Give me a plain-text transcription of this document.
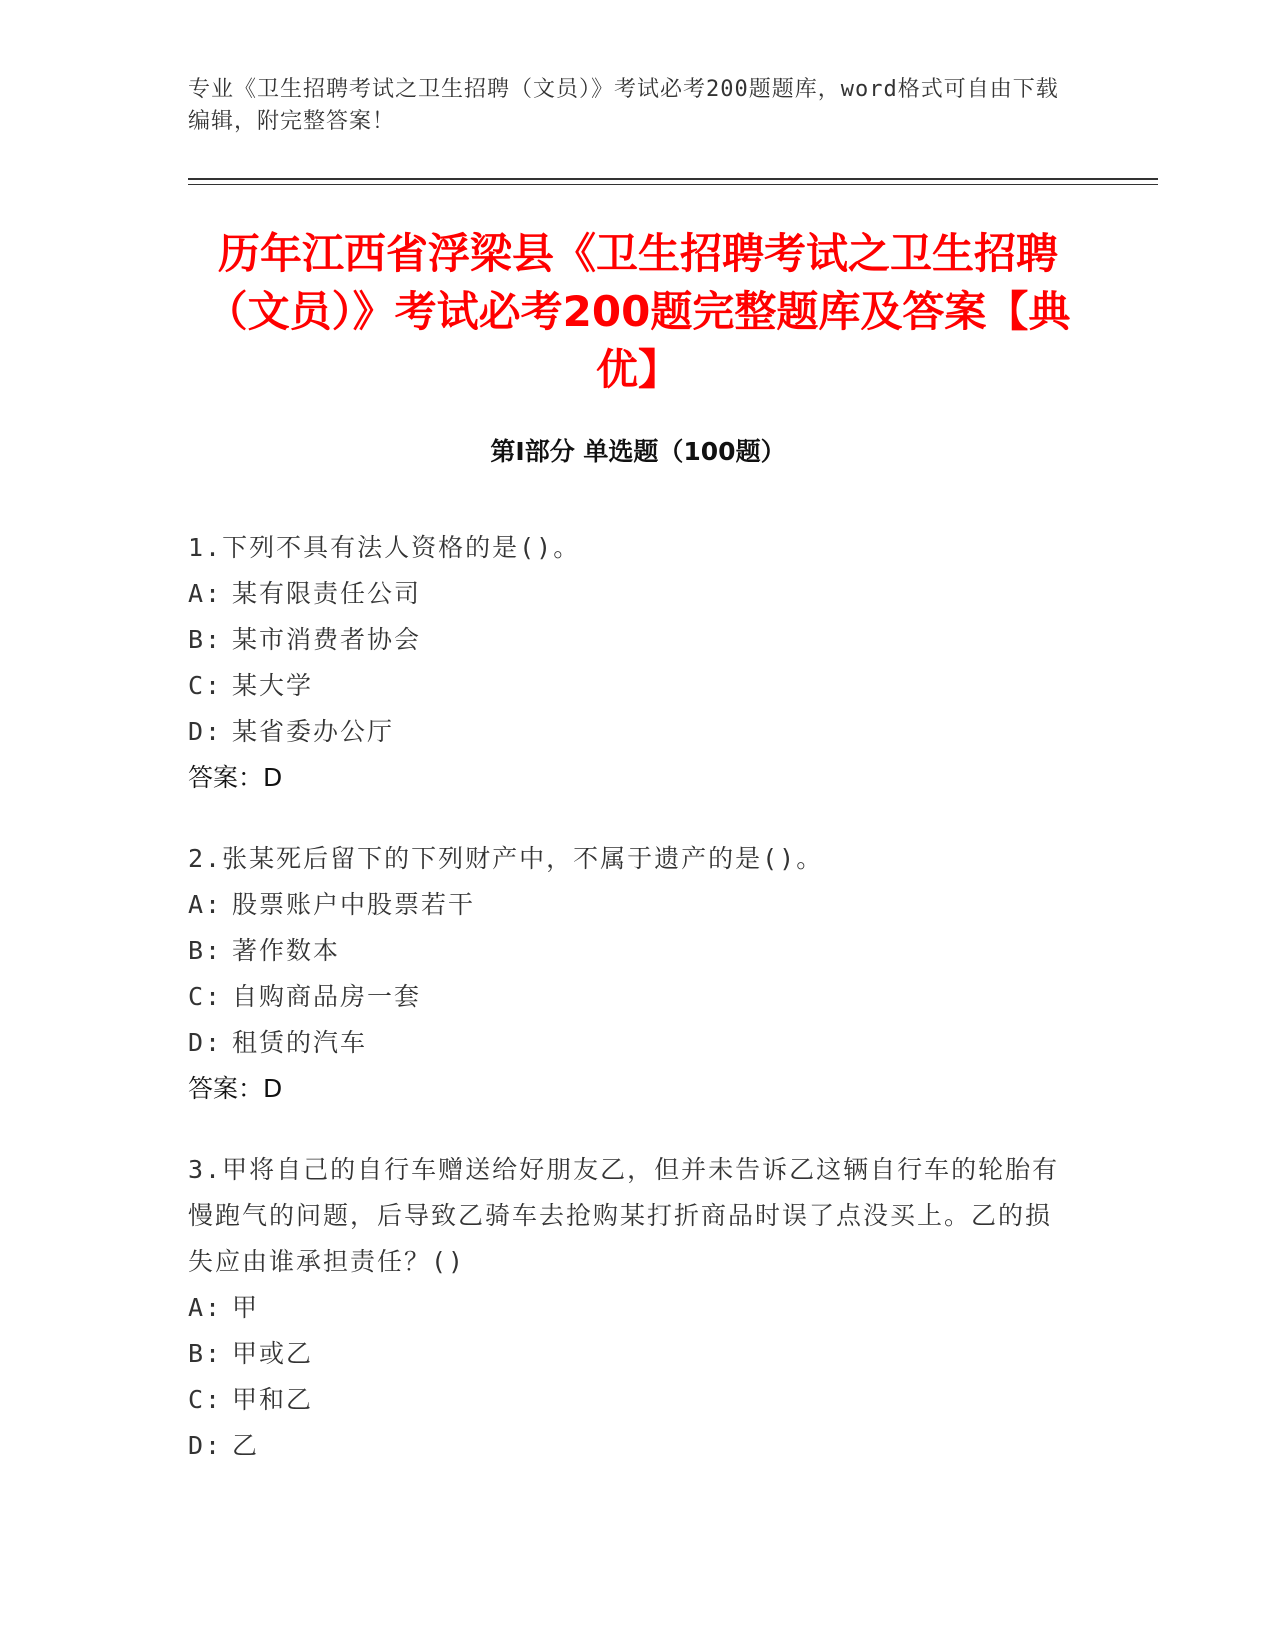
专业《卫生招聘考试之卫生招聘（文员）》考试必考200题题库，word格式可自由下载编辑，附完整答案！
历年江西省浮梁县《卫生招聘考试之卫生招聘（文员）》考试必考200题完整题库及答案【典优】
第Ⅰ部分 单选题（100题）
1.下列不具有法人资格的是()。
A: 某有限责任公司
B: 某市消费者协会
C: 某大学
D: 某省委办公厅
答案：D
2.张某死后留下的下列财产中，不属于遗产的是()。
A: 股票账户中股票若干
B: 著作数本
C: 自购商品房一套
D: 租赁的汽车
答案：D
3.甲将自己的自行车赠送给好朋友乙，但并未告诉乙这辆自行车的轮胎有慢跑气的问题，后导致乙骑车去抢购某打折商品时误了点没买上。乙的损失应由谁承担责任？()
A: 甲
B: 甲或乙
C: 甲和乙
D: 乙
